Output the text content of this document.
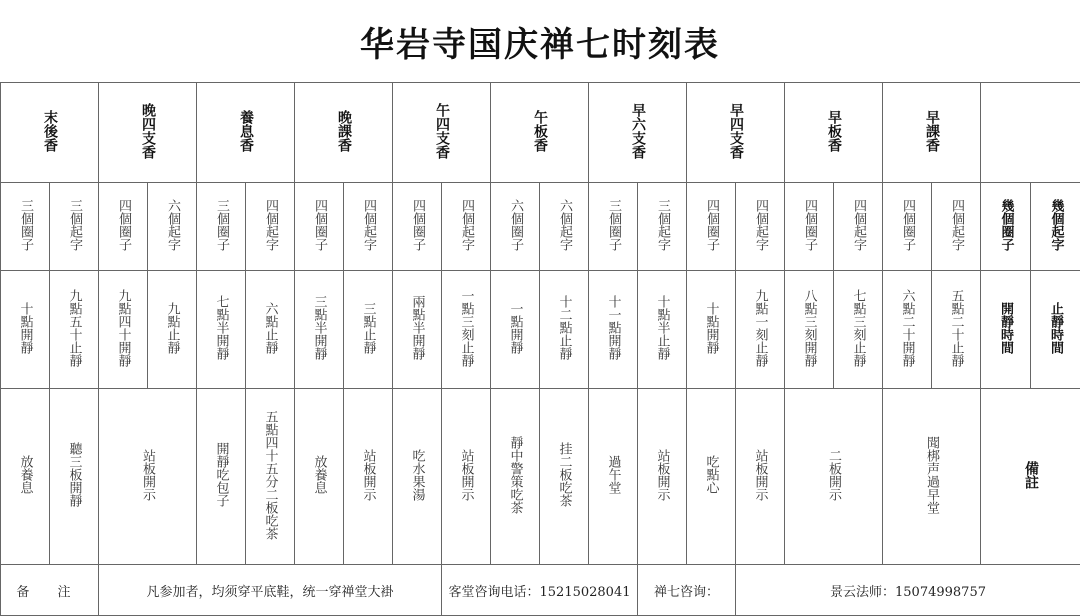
华岩寺国庆禅七时刻表
末後香		晚四支香		養息香		晚課香		午四支香		午板香		早六支香		早四支香		早板香		早課香	

三個圈子	三個起字	四個圈子	六個起字	三個圈子	四個起字	四個圈子	四個起字	四個圈子	四個起字	六個圈子	六個起字	三個圈子	三個起字	四個圈子	四個起字	四個圈子	四個起字	四個圈子	四個起字	幾個圈子	幾個起字
十點開靜	九點五十止靜	九點四十開靜	九點止靜	七點半開靜	六點止靜	三點半開靜	三點止靜	兩點半開靜	一點三刻止靜	一點開靜	十二點止靜	十一點開靜	十點半止靜	十點開靜	九點一刻止靜	八點三刻開靜	七點三刻止靜	六點二十開靜	五點二十止靜	開靜時間	止靜時間
放養息	聽三板開靜	站板開示		開靜吃包子	五點四十五分二板吃茶	放養息	站板開示	吃水果湯	站板開示	靜中警策吃茶	挂二板吃茶	過午堂	站板開示	吃點心	站板開示	二板開示		聞梆声過早堂		備註	
备 注		凡参加者，均须穿平底鞋，统一穿禅堂大褂							客堂咨询电话：15215028041				禅七咨询：		景云法师：15074998757						
